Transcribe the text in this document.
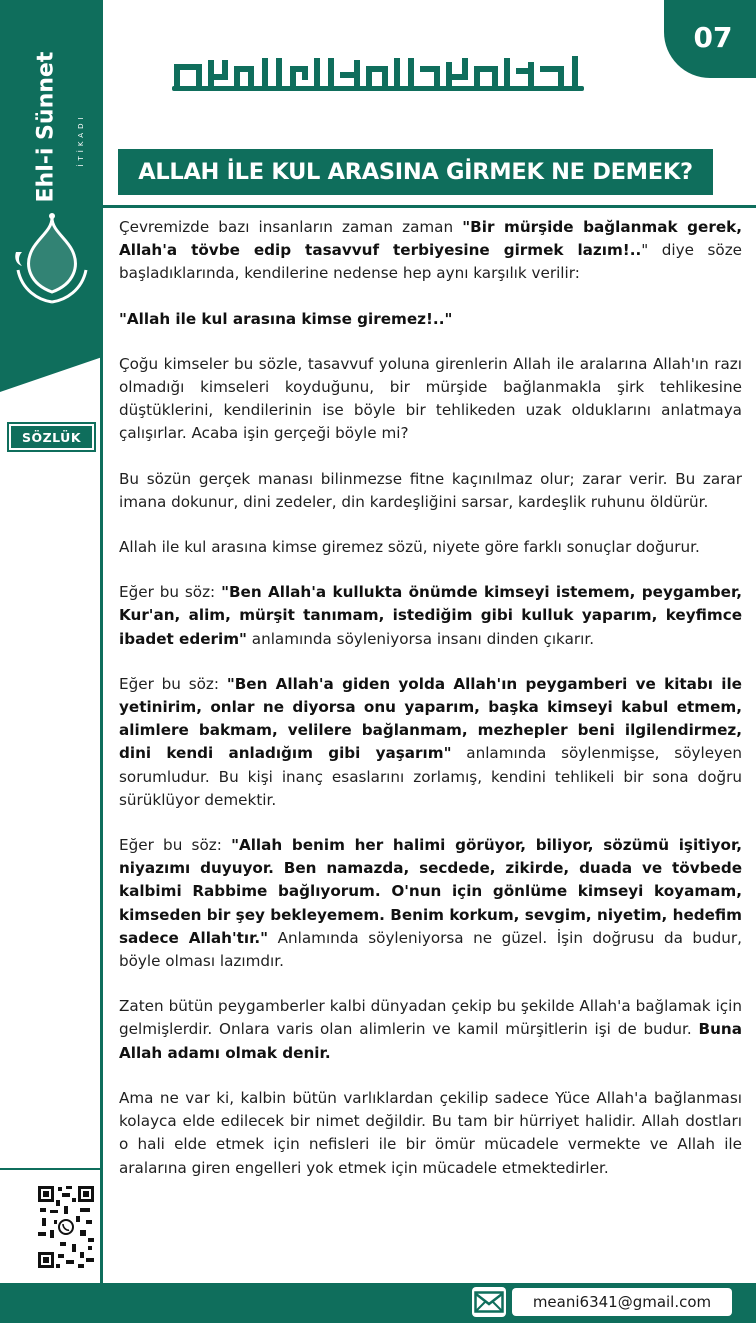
Ehl-i Sünnet	İTİKADI
SÖZLÜK
07
ALLAH İLE KUL ARASINA GİRMEK NE DEMEK?

Çevremizde bazı insanların zaman zaman "Bir mürşide bağlanmak gerek, Allah'a tövbe edip tasavvuf terbiyesine girmek lazım!.." diye söze başladıklarında, kendilerine nedense hep aynı karşılık verilir:

"Allah ile kul arasına kimse giremez!.."

Çoğu kimseler bu sözle, tasavvuf yoluna girenlerin Allah ile aralarına Allah'ın razı olmadığı kimseleri koyduğunu, bir mürşide bağlanmakla şirk tehlikesine düştüklerini, kendilerinin ise böyle bir tehlikeden uzak olduklarını anlatmaya çalışırlar. Acaba işin gerçeği böyle mi?

Bu sözün gerçek manası bilinmezse fitne kaçınılmaz olur; zarar verir. Bu zarar imana dokunur, dini zedeler, din kardeşliğini sarsar, kardeşlik ruhunu öldürür.

Allah ile kul arasına kimse giremez sözü, niyete göre farklı sonuçlar doğurur.

Eğer bu söz: "Ben Allah'a kullukta önümde kimseyi istemem, peygamber, Kur'an, alim, mürşit tanımam, istediğim gibi kulluk yaparım, keyfimce ibadet ederim" anlamında söyleniyorsa insanı dinden çıkarır.

Eğer bu söz: "Ben Allah'a giden yolda Allah'ın peygamberi ve kitabı ile yetinirim, onlar ne diyorsa onu yaparım, başka kimseyi kabul etmem, alimlere bakmam, velilere bağlanmam, mezhepler beni ilgilendirmez, dini kendi anladığım gibi yaşarım" anlamında söylenmişse, söyleyen sorumludur. Bu kişi inanç esaslarını zorlamış, kendini tehlikeli bir sona doğru sürüklüyor demektir.

Eğer bu söz: "Allah benim her halimi görüyor, biliyor, sözümü işitiyor, niyazımı duyuyor. Ben namazda, secdede, zikirde, duada ve tövbede kalbimi Rabbime bağlıyorum. O'nun için gönlüme kimseyi koyamam, kimseden bir şey bekleyemem. Benim korkum, sevgim, niyetim, hedefim sadece Allah'tır." Anlamında söyleniyorsa ne güzel. İşin doğrusu da budur, böyle olması lazımdır.

Zaten bütün peygamberler kalbi dünyadan çekip bu şekilde Allah'a bağlamak için gelmişlerdir. Onlara varis olan alimlerin ve kamil mürşitlerin işi de budur. Buna Allah adamı olmak denir.

Ama ne var ki, kalbin bütün varlıklardan çekilip sadece Yüce Allah'a bağlanması kolayca elde edilecek bir nimet değildir. Bu tam bir hürriyet halidir. Allah dostları o hali elde etmek için nefisleri ile bir ömür mücadele vermekte ve Allah ile aralarına giren engelleri yok etmek için mücadele etmektedirler.

meani6341@gmail.com
